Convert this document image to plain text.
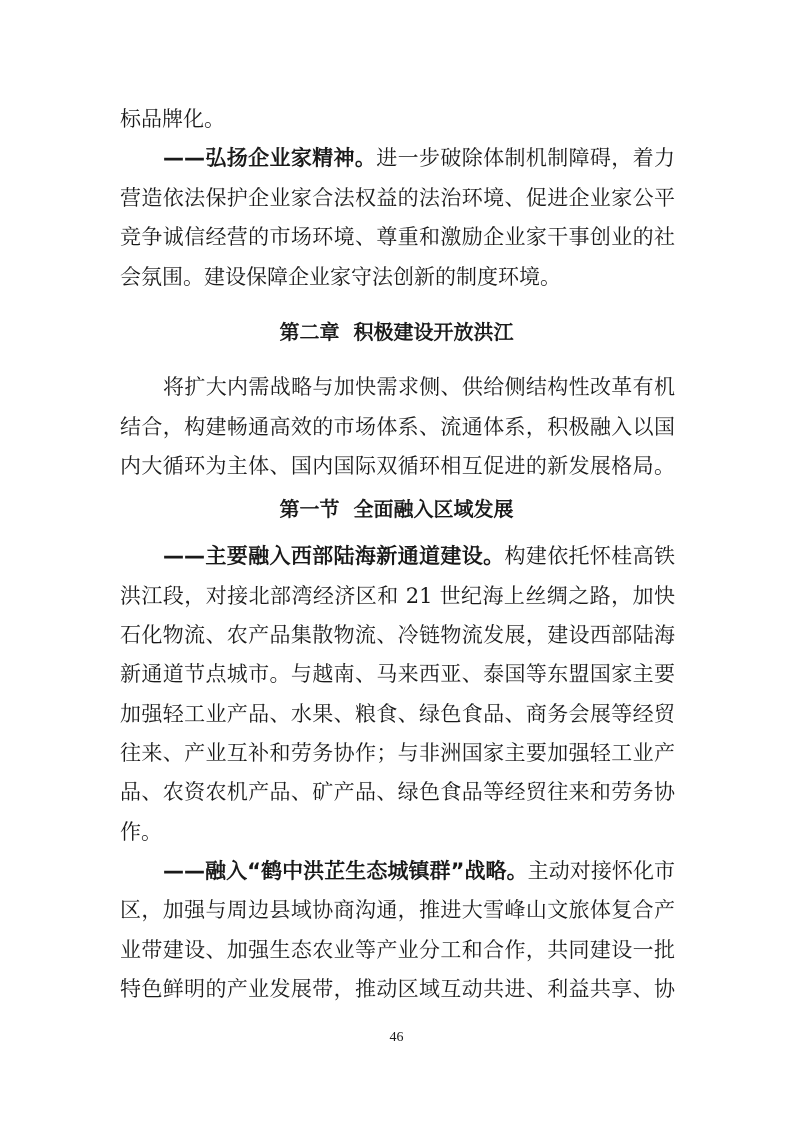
标品牌化。
——弘扬企业家精神。进一步破除体制机制障碍，着力
营造依法保护企业家合法权益的法治环境、促进企业家公平
竞争诚信经营的市场环境、尊重和激励企业家干事创业的社
会氛围。建设保障企业家守法创新的制度环境。
第二章 积极建设开放洪江
将扩大内需战略与加快需求侧、供给侧结构性改革有机
结合，构建畅通高效的市场体系、流通体系，积极融入以国
内大循环为主体、国内国际双循环相互促进的新发展格局。
第一节 全面融入区域发展
——主要融入西部陆海新通道建设。构建依托怀桂高铁
洪江段，对接北部湾经济区和 21 世纪海上丝绸之路，加快
石化物流、农产品集散物流、冷链物流发展，建设西部陆海
新通道节点城市。与越南、马来西亚、泰国等东盟国家主要
加强轻工业产品、水果、粮食、绿色食品、商务会展等经贸
往来、产业互补和劳务协作；与非洲国家主要加强轻工业产
品、农资农机产品、矿产品、绿色食品等经贸往来和劳务协
作。
——融入“鹤中洪芷生态城镇群”战略。主动对接怀化市
区，加强与周边县域协商沟通，推进大雪峰山文旅体复合产
业带建设、加强生态农业等产业分工和合作，共同建设一批
特色鲜明的产业发展带，推动区域互动共进、利益共享、协
46
